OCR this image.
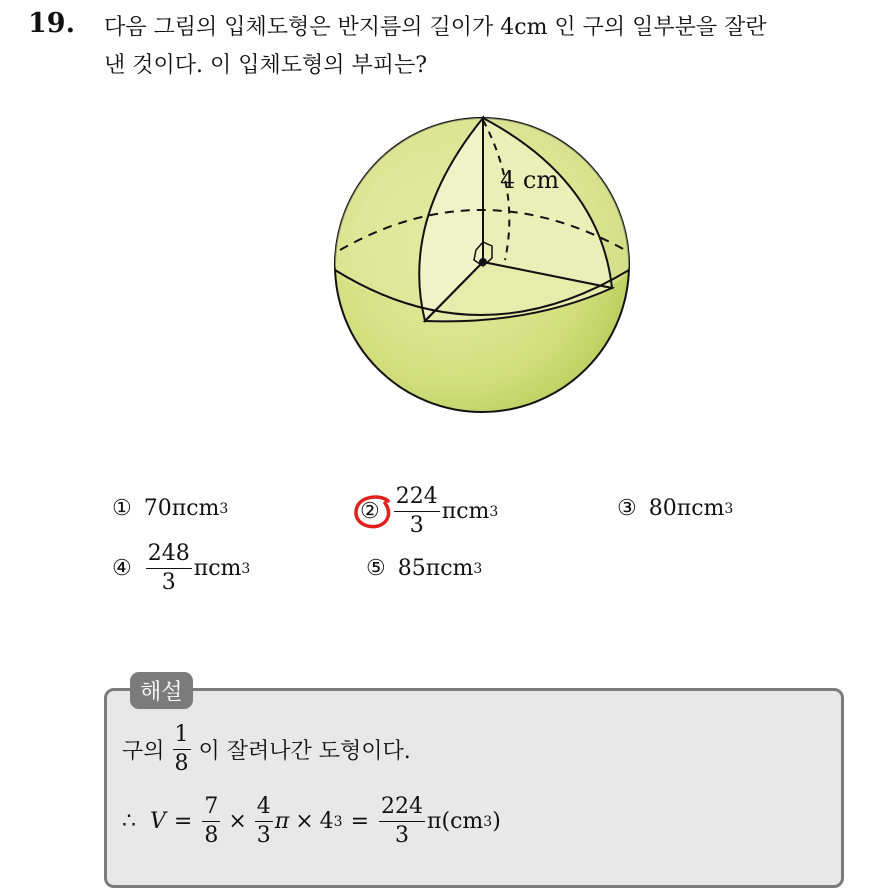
19. 다음 그림의 입체도형은 반지름의 길이가 4cm 인 구의 일부분을 잘란
낸 것이다. 이 입체도형의 부피는?
4 cm
① 70πcm 3	② $\frac{224}{3}$ πcm 3	③ 80πcm 3
④ $\frac{248}{3}$ πcm 3	⑤ 85πcm 3
해설
구의 $\frac{1}{8}$ 이 잘려나간 도형이다.
∴ $V = \frac{7}{8} \times \frac{4}{3}$ π × 4 $3 = \frac{224}{3} \pi(cm$ 3 )
